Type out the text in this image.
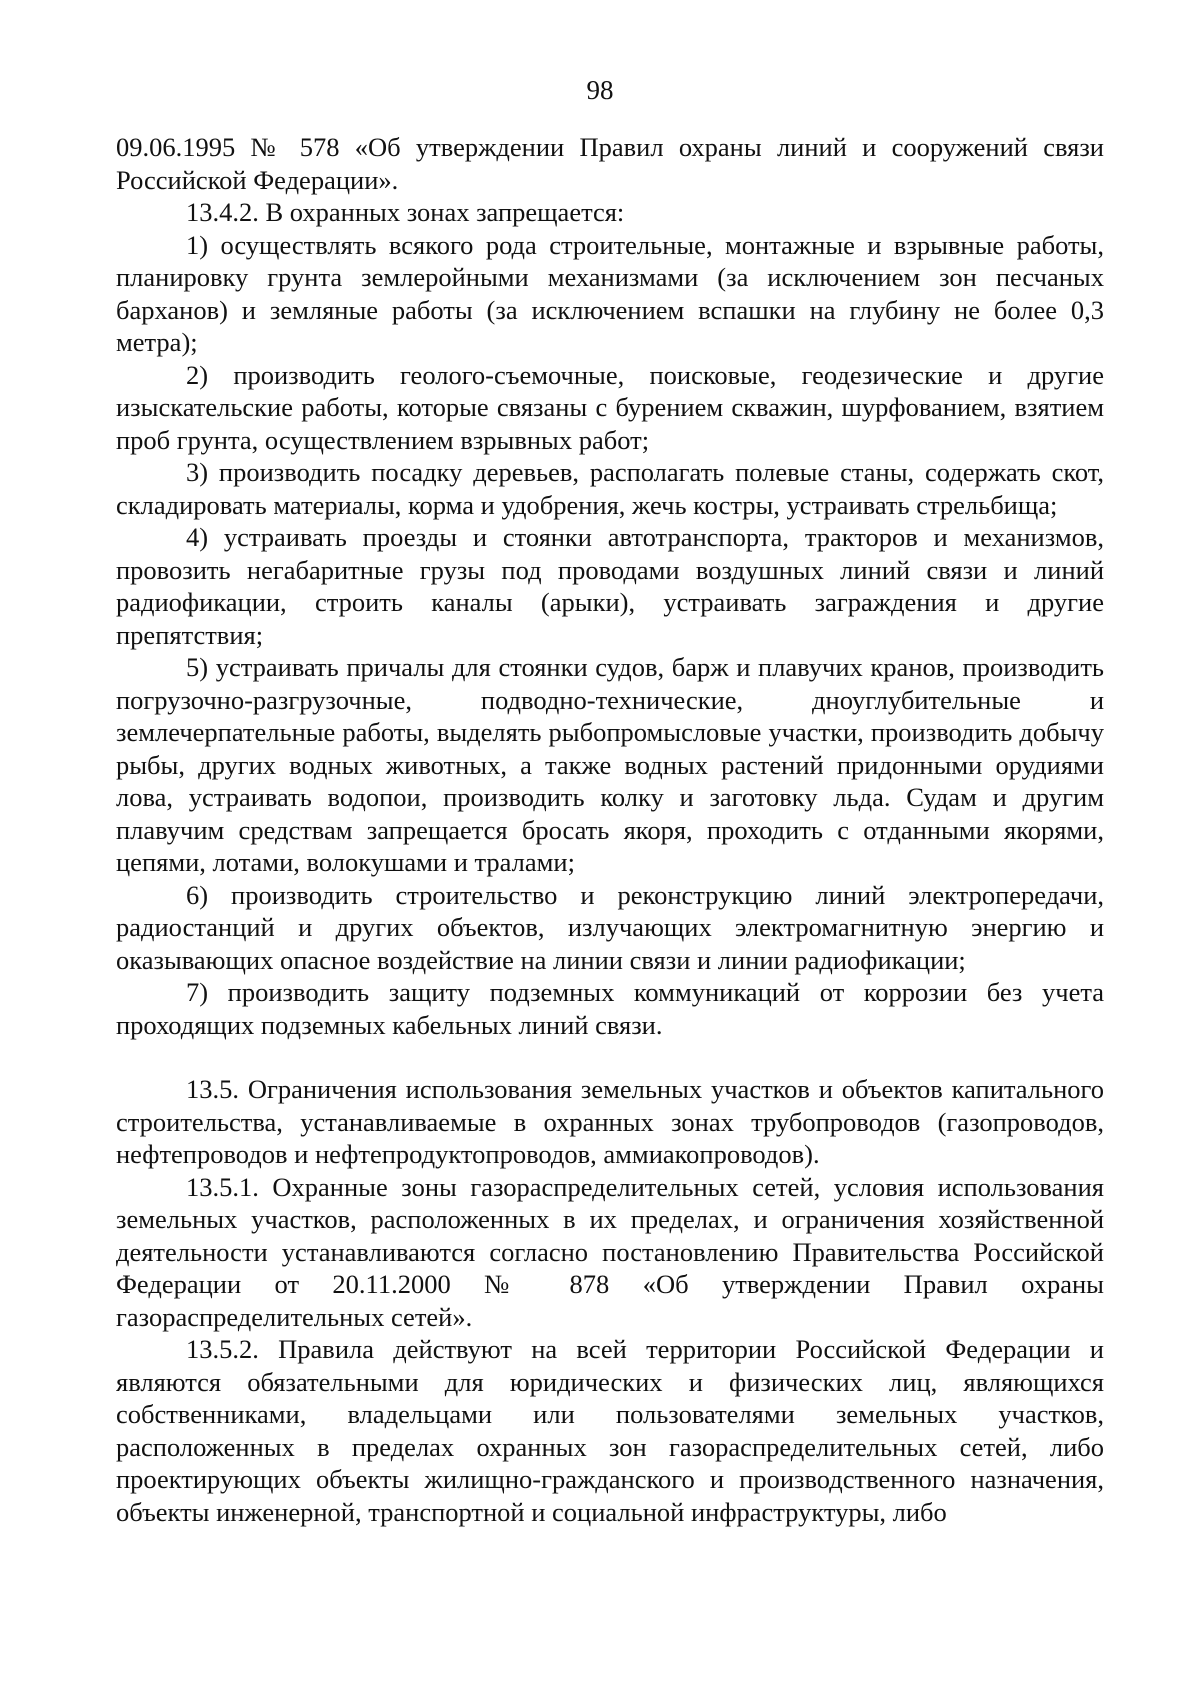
98

09.06.1995 № 578 «Об утверждении Правил охраны линий и сооружений связи Российской Федерации».

13.4.2. В охранных зонах запрещается:

1) осуществлять всякого рода строительные, монтажные и взрывные работы, планировку грунта землеройными механизмами (за исключением зон песчаных барханов) и земляные работы (за исключением вспашки на глубину не более 0,3 метра);

2) производить геолого-съемочные, поисковые, геодезические и другие изыскательские работы, которые связаны с бурением скважин, шурфованием, взятием проб грунта, осуществлением взрывных работ;

3) производить посадку деревьев, располагать полевые станы, содержать скот, складировать материалы, корма и удобрения, жечь костры, устраивать стрельбища;

4) устраивать проезды и стоянки автотранспорта, тракторов и механизмов, провозить негабаритные грузы под проводами воздушных линий связи и линий радиофикации, строить каналы (арыки), устраивать заграждения и другие препятствия;

5) устраивать причалы для стоянки судов, барж и плавучих кранов, производить погрузочно-разгрузочные, подводно-технические, дноуглубительные и землечерпательные работы, выделять рыбопромысловые участки, производить добычу рыбы, других водных животных, а также водных растений придонными орудиями лова, устраивать водопои, производить колку и заготовку льда. Судам и другим плавучим средствам запрещается бросать якоря, проходить с отданными якорями, цепями, лотами, волокушами и тралами;

6) производить строительство и реконструкцию линий электропередачи, радиостанций и других объектов, излучающих электромагнитную энергию и оказывающих опасное воздействие на линии связи и линии радиофикации;

7) производить защиту подземных коммуникаций от коррозии без учета проходящих подземных кабельных линий связи.

13.5. Ограничения использования земельных участков и объектов капитального строительства, устанавливаемые в охранных зонах трубопроводов (газопроводов, нефтепроводов и нефтепродуктопроводов, аммиакопроводов).

13.5.1. Охранные зоны газораспределительных сетей, условия использования земельных участков, расположенных в их пределах, и ограничения хозяйственной деятельности устанавливаются согласно постановлению Правительства Российской Федерации от 20.11.2000 № 878 «Об утверждении Правил охраны газораспределительных сетей».

13.5.2. Правила действуют на всей территории Российской Федерации и являются обязательными для юридических и физических лиц, являющихся собственниками, владельцами или пользователями земельных участков, расположенных в пределах охранных зон газораспределительных сетей, либо проектирующих объекты жилищно-гражданского и производственного назначения, объекты инженерной, транспортной и социальной инфраструктуры, либо
